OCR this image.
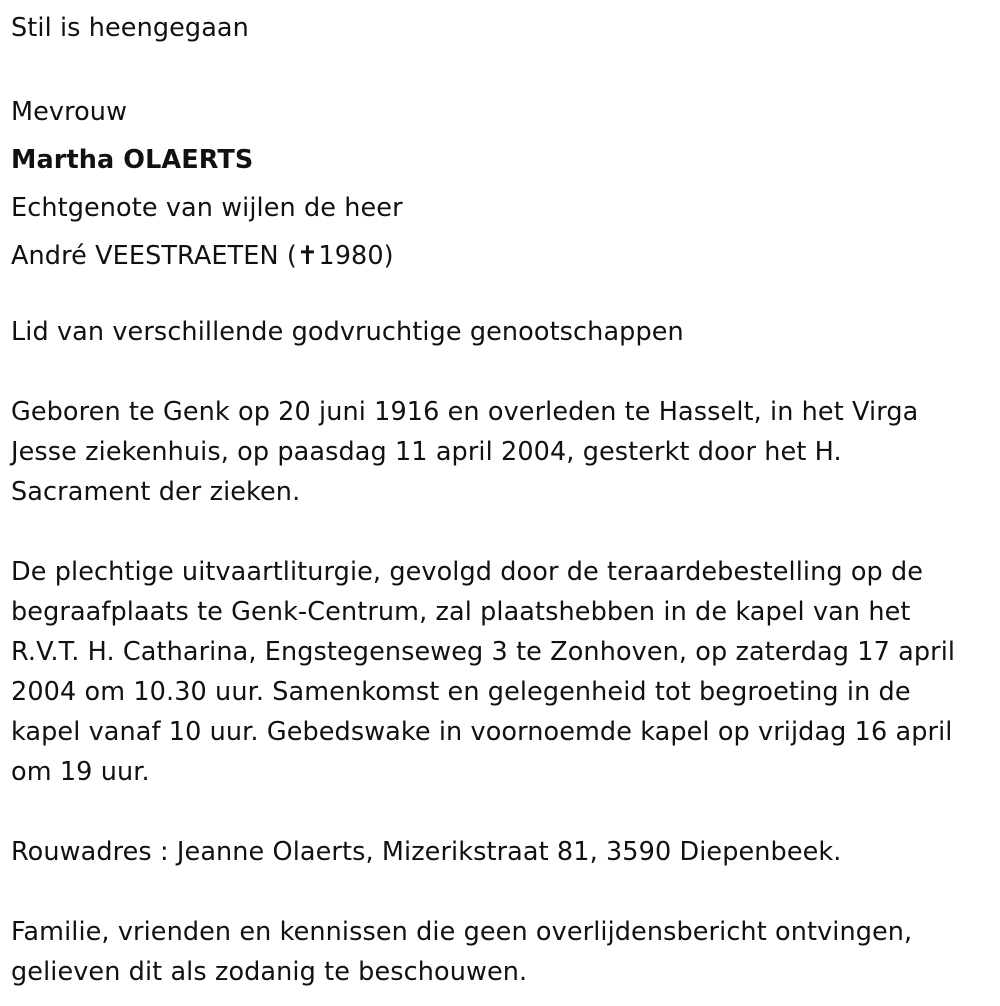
Stil is heengegaan
Mevrouw
Martha OLAERTS
Echtgenote van wijlen de heer
André VEESTRAETEN (✝1980)
Lid van verschillende godvruchtige genootschappen
Geboren te Genk op 20 juni 1916 en overleden te Hasselt, in het Virga Jesse ziekenhuis, op paasdag 11 april 2004, gesterkt door het H. Sacrament der zieken.
De plechtige uitvaartliturgie, gevolgd door de teraardebestelling op de begraafplaats te Genk-Centrum, zal plaatshebben in de kapel van het R.V.T. H. Catharina, Engstegenseweg 3 te Zonhoven, op zaterdag 17 april 2004 om 10.30 uur. Samenkomst en gelegenheid tot begroeting in de kapel vanaf 10 uur. Gebedswake in voornoemde kapel op vrijdag 16 april om 19 uur.
Rouwadres : Jeanne Olaerts, Mizerikstraat 81, 3590 Diepenbeek.
Familie, vrienden en kennissen die geen overlijdensbericht ontvingen, gelieven dit als zodanig te beschouwen.
